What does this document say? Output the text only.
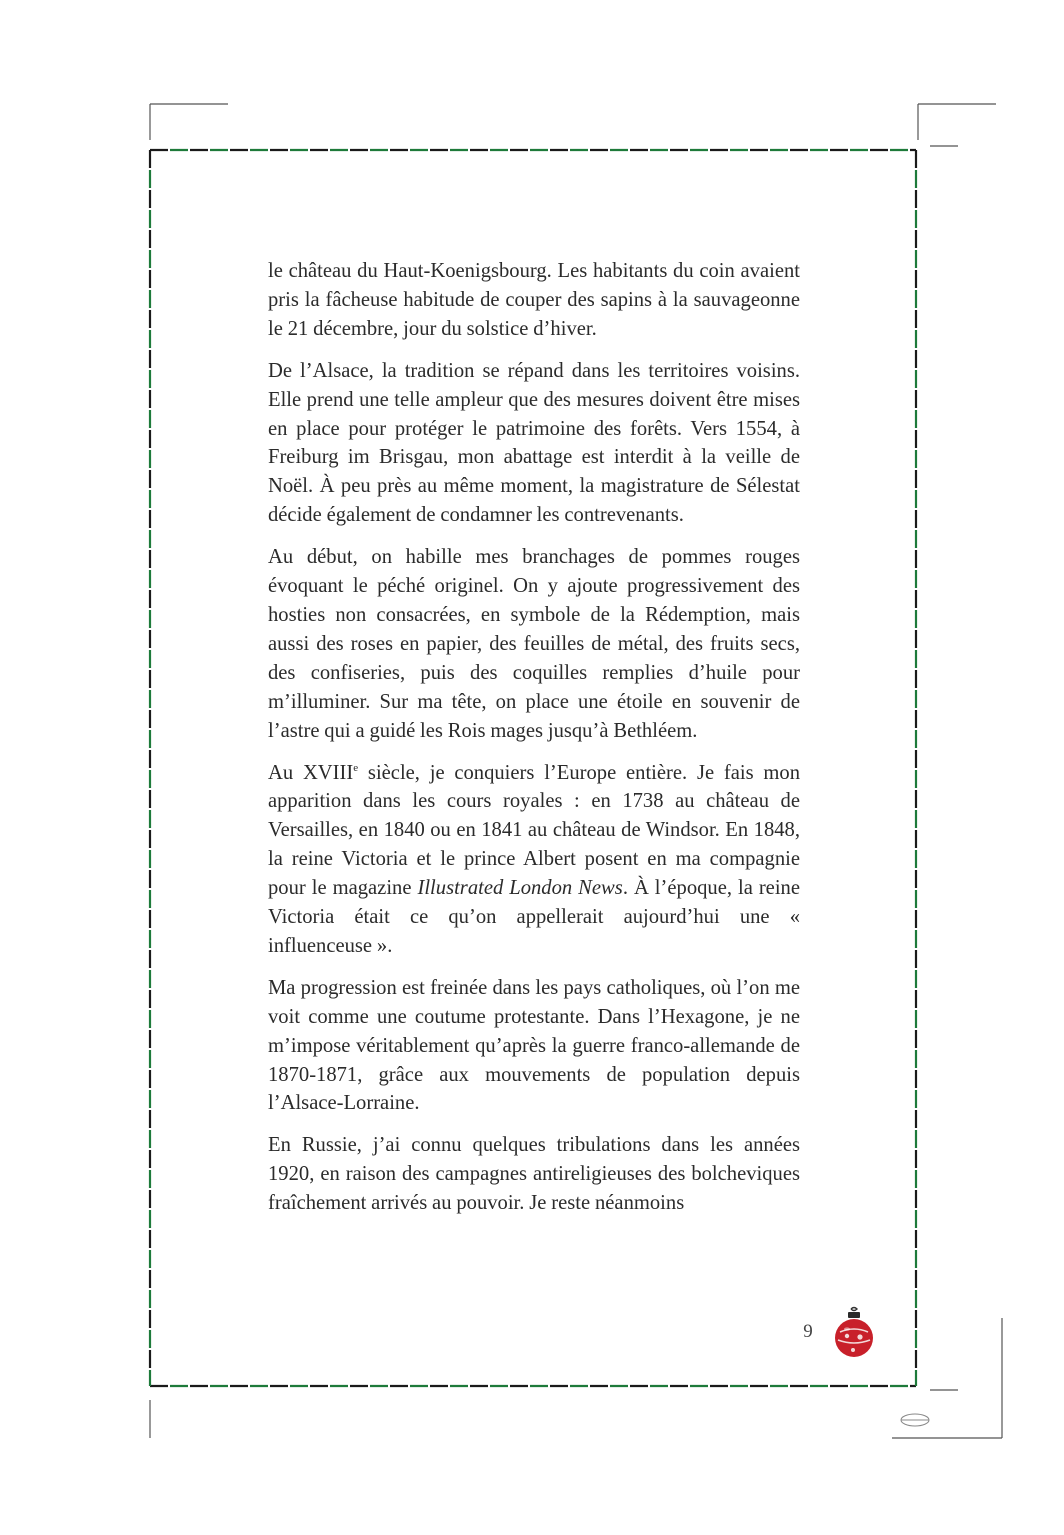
le château du Haut-Koenigsbourg. Les habitants du coin avaient pris la fâcheuse habitude de couper des sapins à la sauvageonne le 21 décembre, jour du solstice d’hiver.

De l’Alsace, la tradition se répand dans les territoires voisins. Elle prend une telle ampleur que des mesures doivent être mises en place pour protéger le patrimoine des forêts. Vers 1554, à Freiburg im Brisgau, mon abattage est interdit à la veille de Noël. À peu près au même moment, la magistrature de Sélestat décide également de condamner les contrevenants.

Au début, on habille mes branchages de pommes rouges évoquant le péché originel. On y ajoute progressivement des hosties non consacrées, en symbole de la Rédemption, mais aussi des roses en papier, des feuilles de métal, des fruits secs, des confiseries, puis des coquilles remplies d’huile pour m’illuminer. Sur ma tête, on place une étoile en souvenir de l’astre qui a guidé les Rois mages jusqu’à Bethléem.

Au XVIIIe siècle, je conquiers l’Europe entière. Je fais mon apparition dans les cours royales : en 1738 au château de Versailles, en 1840 ou en 1841 au château de Windsor. En 1848, la reine Victoria et le prince Albert posent en ma compagnie pour le magazine Illustrated London News. À l’époque, la reine Victoria était ce qu’on appellerait aujourd’hui une « influenceuse ».

Ma progression est freinée dans les pays catholiques, où l’on me voit comme une coutume protestante. Dans l’Hexagone, je ne m’impose véritablement qu’après la guerre franco-allemande de 1870-1871, grâce aux mouvements de population depuis l’Alsace-Lorraine.

En Russie, j’ai connu quelques tribulations dans les années 1920, en raison des campagnes antireligieuses des bolcheviques fraîchement arrivés au pouvoir. Je reste néanmoins

9
